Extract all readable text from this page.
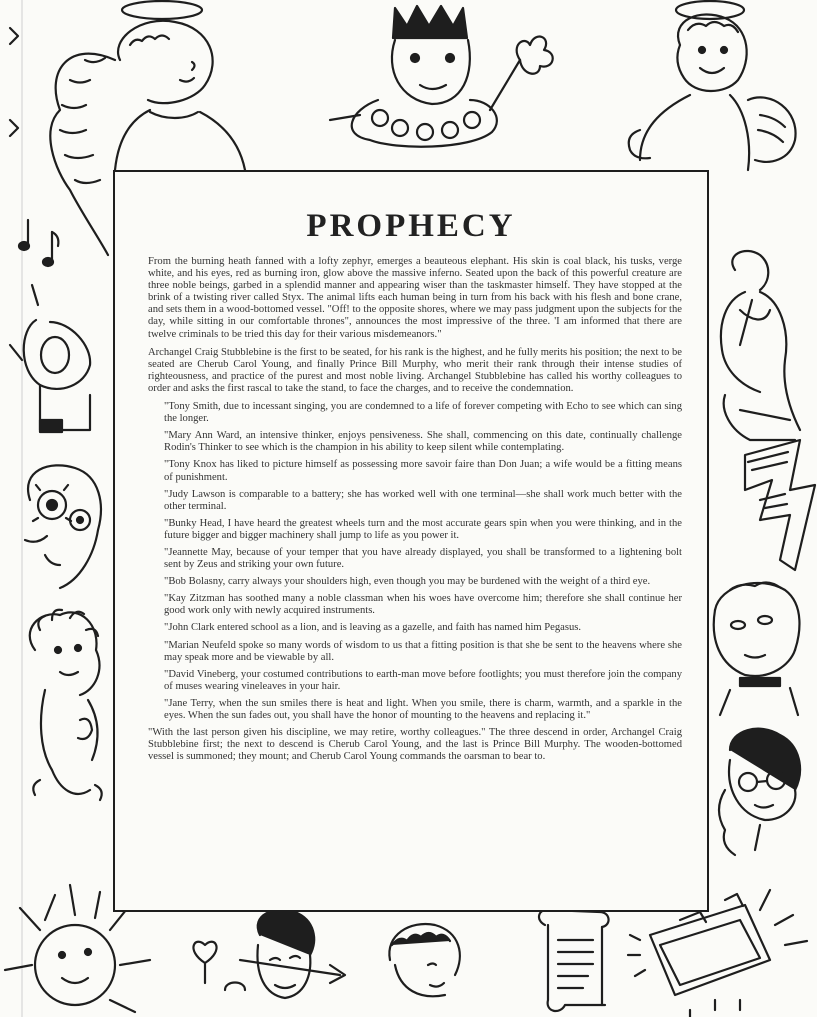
ATLAS
PROPHECY

From the burning heath fanned with a lofty zephyr, emerges a beauteous elephant. His skin is coal black, his tusks, verge white, and his eyes, red as burning iron, glow above the massive inferno. Seated upon the back of this powerful creature are three noble beings, garbed in a splendid manner and appearing wiser than the taskmaster himself. They have stopped at the brink of a twisting river called Styx. The animal lifts each human being in turn from his back with his flesh and bone crane, and sets them in a wood-bottomed vessel. "Off! to the opposite shores, where we may pass judgment upon the subjects for the day, while sitting in our comfortable thrones", announces the most impressive of the three. 'I am informed that there are twelve criminals to be tried this day for their various misdemeanors."

Archangel Craig Stubblebine is the first to be seated, for his rank is the highest, and he fully merits his position; the next to be seated are Cherub Carol Young, and finally Prince Bill Murphy, who merit their rank through their intense studies of righteousness, and practice of the purest and most noble living. Archangel Stubblebine has called his worthy colleagues to order and asks the first rascal to take the stand, to face the charges, and to receive the condemnation.

"Tony Smith, due to incessant singing, you are condemned to a life of forever competing with Echo to see which can sing the longer.

"Mary Ann Ward, an intensive thinker, enjoys pensiveness. She shall, commencing on this date, continually challenge Rodin's Thinker to see which is the champion in his ability to keep silent while contemplating.

"Tony Knox has liked to picture himself as possessing more savoir faire than Don Juan; a wife would be a fitting means of punishment.

"Judy Lawson is comparable to a battery; she has worked well with one terminal—she shall work much better with the other terminal.

"Bunky Head, I have heard the greatest wheels turn and the most accurate gears spin when you were thinking, and in the future bigger and bigger machinery shall jump to life as you power it.

"Jeannette May, because of your temper that you have already displayed, you shall be transformed to a lightening bolt sent by Zeus and striking your own future.

"Bob Bolasny, carry always your shoulders high, even though you may be burdened with the weight of a third eye.

"Kay Zitzman has soothed many a noble classman when his woes have overcome him; therefore she shall continue her good work only with newly acquired instruments.

"John Clark entered school as a lion, and is leaving as a gazelle, and faith has named him Pegasus.

"Marian Neufeld spoke so many words of wisdom to us that a fitting position is that she be sent to the heavens where she may speak more and be viewable by all.

"David Vineberg, your costumed contributions to earth-man move before footlights; you must therefore join the company of muses wearing vineleaves in your hair.

"Jane Terry, when the sun smiles there is heat and light. When you smile, there is charm, warmth, and a sparkle in the eyes. When the sun fades out, you shall have the honor of mounting to the heavens and replacing it."

"With the last person given his discipline, we may retire, worthy colleagues." The three descend in order, Archangel Craig Stubblebine first; the next to descend is Cherub Carol Young, and the last is Prince Bill Murphy. The wooden-bottomed vessel is summoned; they mount; and Cherub Carol Young commands the oarsman to bear to.
